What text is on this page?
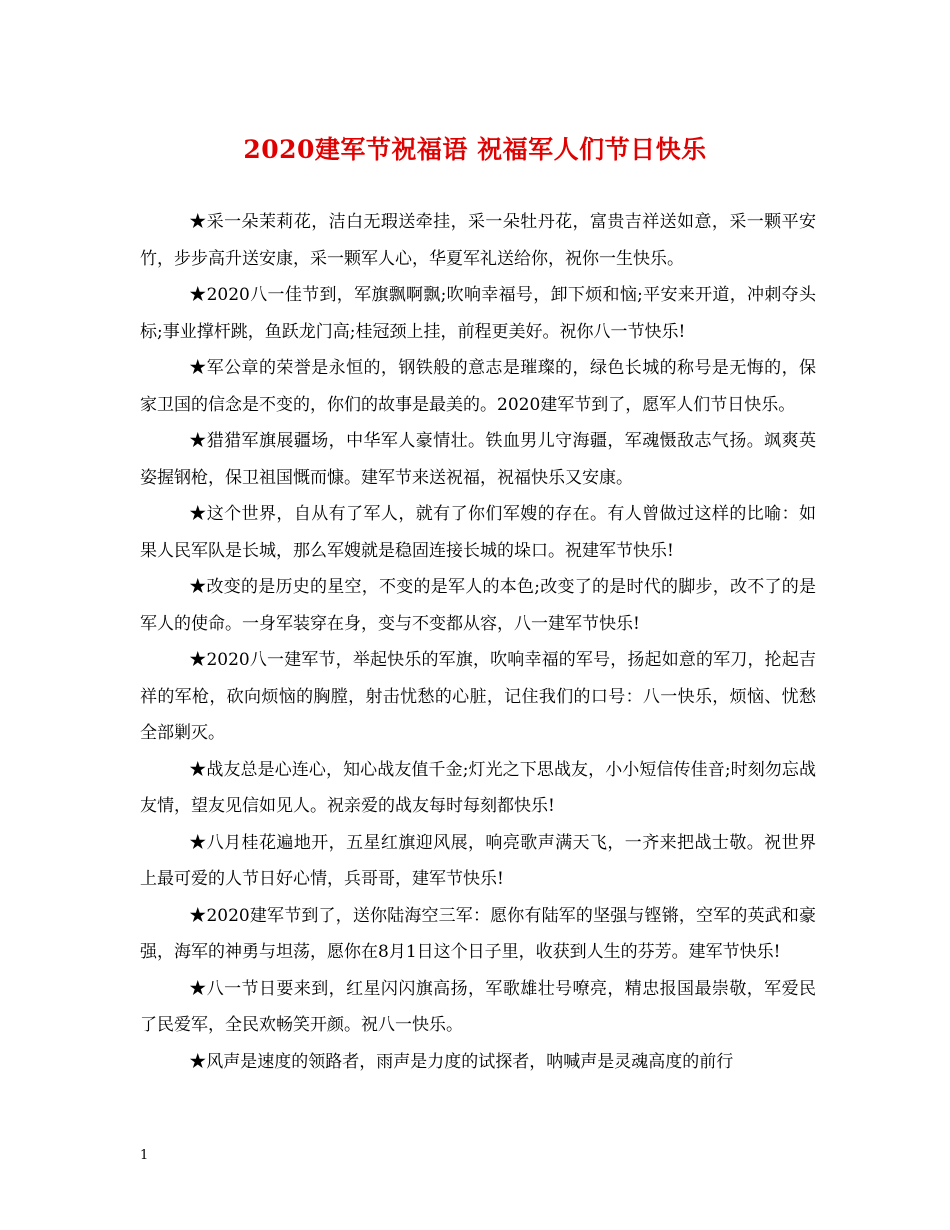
2020建军节祝福语 祝福军人们节日快乐

★采一朵茉莉花，洁白无瑕送牵挂，采一朵牡丹花，富贵吉祥送如意，采一颗平安竹，步步高升送安康，采一颗军人心，华夏军礼送给你，祝你一生快乐。

★2020八一佳节到，军旗飘啊飘;吹响幸福号，卸下烦和恼;平安来开道，冲刺夺头标;事业撑杆跳，鱼跃龙门高;桂冠颈上挂，前程更美好。祝你八一节快乐!

★军公章的荣誉是永恒的，钢铁般的意志是璀璨的，绿色长城的称号是无悔的，保家卫国的信念是不变的，你们的故事是最美的。2020建军节到了，愿军人们节日快乐。

★猎猎军旗展疆场，中华军人豪情壮。铁血男儿守海疆，军魂慑敌志气扬。飒爽英姿握钢枪，保卫祖国慨而慷。建军节来送祝福，祝福快乐又安康。

★这个世界，自从有了军人，就有了你们军嫂的存在。有人曾做过这样的比喻：如果人民军队是长城，那么军嫂就是稳固连接长城的垛口。祝建军节快乐!

★改变的是历史的星空，不变的是军人的本色;改变了的是时代的脚步，改不了的是军人的使命。一身军装穿在身，变与不变都从容，八一建军节快乐!

★2020八一建军节，举起快乐的军旗，吹响幸福的军号，扬起如意的军刀，抡起吉祥的军枪，砍向烦恼的胸膛，射击忧愁的心脏，记住我们的口号：八一快乐，烦恼、忧愁全部剿灭。

★战友总是心连心，知心战友值千金;灯光之下思战友，小小短信传佳音;时刻勿忘战友情，望友见信如见人。祝亲爱的战友每时每刻都快乐!

★八月桂花遍地开，五星红旗迎风展，响亮歌声满天飞，一齐来把战士敬。祝世界上最可爱的人节日好心情，兵哥哥，建军节快乐!

★2020建军节到了，送你陆海空三军：愿你有陆军的坚强与铿锵，空军的英武和豪强，海军的神勇与坦荡，愿你在8月1日这个日子里，收获到人生的芬芳。建军节快乐!

★八一节日要来到，红星闪闪旗高扬，军歌雄壮号嘹亮，精忠报国最崇敬，军爱民了民爱军，全民欢畅笑开颜。祝八一快乐。

★风声是速度的领路者，雨声是力度的试探者，呐喊声是灵魂高度的前行

1
